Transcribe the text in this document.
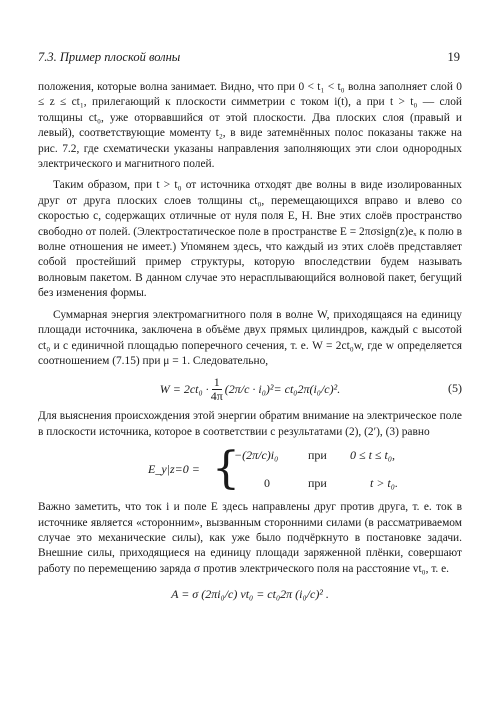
7.3. Пример плоской волны	19

положения, которые волна занимает. Видно, что при 0 < t₁ < t₀ волна заполняет слой 0 ≤ z ≤ ct₁, прилегающий к плоскости симметрии с током i(t), а при t > t₀ — слой толщины ct₀, уже оторвавшийся от этой плоскости. Два плоских слоя (правый и левый), соответствующие моменту t₂, в виде затемнённых полос показаны также на рис. 7.2, где схематически указаны направления заполняющих эти слои однородных электрического и магнитного полей.

Таким образом, при t > t₀ от источника отходят две волны в виде изолированных друг от друга плоских слоев толщины ct₀, перемещающихся вправо и влево со скоростью c, содержащих отличные от нуля поля E, H. Вне этих слоёв пространство свободно от полей. (Электростатическое поле в пространстве E = 2πσsign(z)eₓ к полю в волне отношения не имеет.) Упомянем здесь, что каждый из этих слоёв представляет собой простейший пример структуры, которую впоследствии будем называть волновым пакетом. В данном случае это нерасплывающийся волновой пакет, бегущий без изменения формы.

Суммарная энергия электромагнитного поля в волне W, приходящаяся на единицу площади источника, заключена в объёме двух прямых цилиндров, каждый с высотой ct₀ и с единичной площадью поперечного сечения, т. е. W = 2ct₀w, где w определяется соотношением (7.15) при μ = 1. Следовательно,

$W = 2ct_0 \cdot \frac{1}{4\pi} (2\pi/c \cdot i_0)^2 = ct_02\pi(i_0/c)^2$.	(5)

Для выяснения происхождения этой энергии обратим внимание на электрическое поле в плоскости источника, которое в соответствии с результатами (2), (2′), (3) равно

E_y|z=0 = {
−(2π/c)i₀	при	0 ≤ t ≤ t₀,
0	при	t > t₀.

Важно заметить, что ток i и поле E здесь направлены друг против друга, т. е. ток в источнике является «сторонним», вызванным сторонними силами (в рассматриваемом случае это механические силы), как уже было подчёркнуто в постановке задачи. Внешние силы, приходящиеся на единицу площади заряженной плёнки, совершают работу по перемещению заряда σ против электрического поля на расстояние vt₀, т. е.

A = σ (2πi₀/c) vt₀ = ct₀2π (i₀/c)² .
